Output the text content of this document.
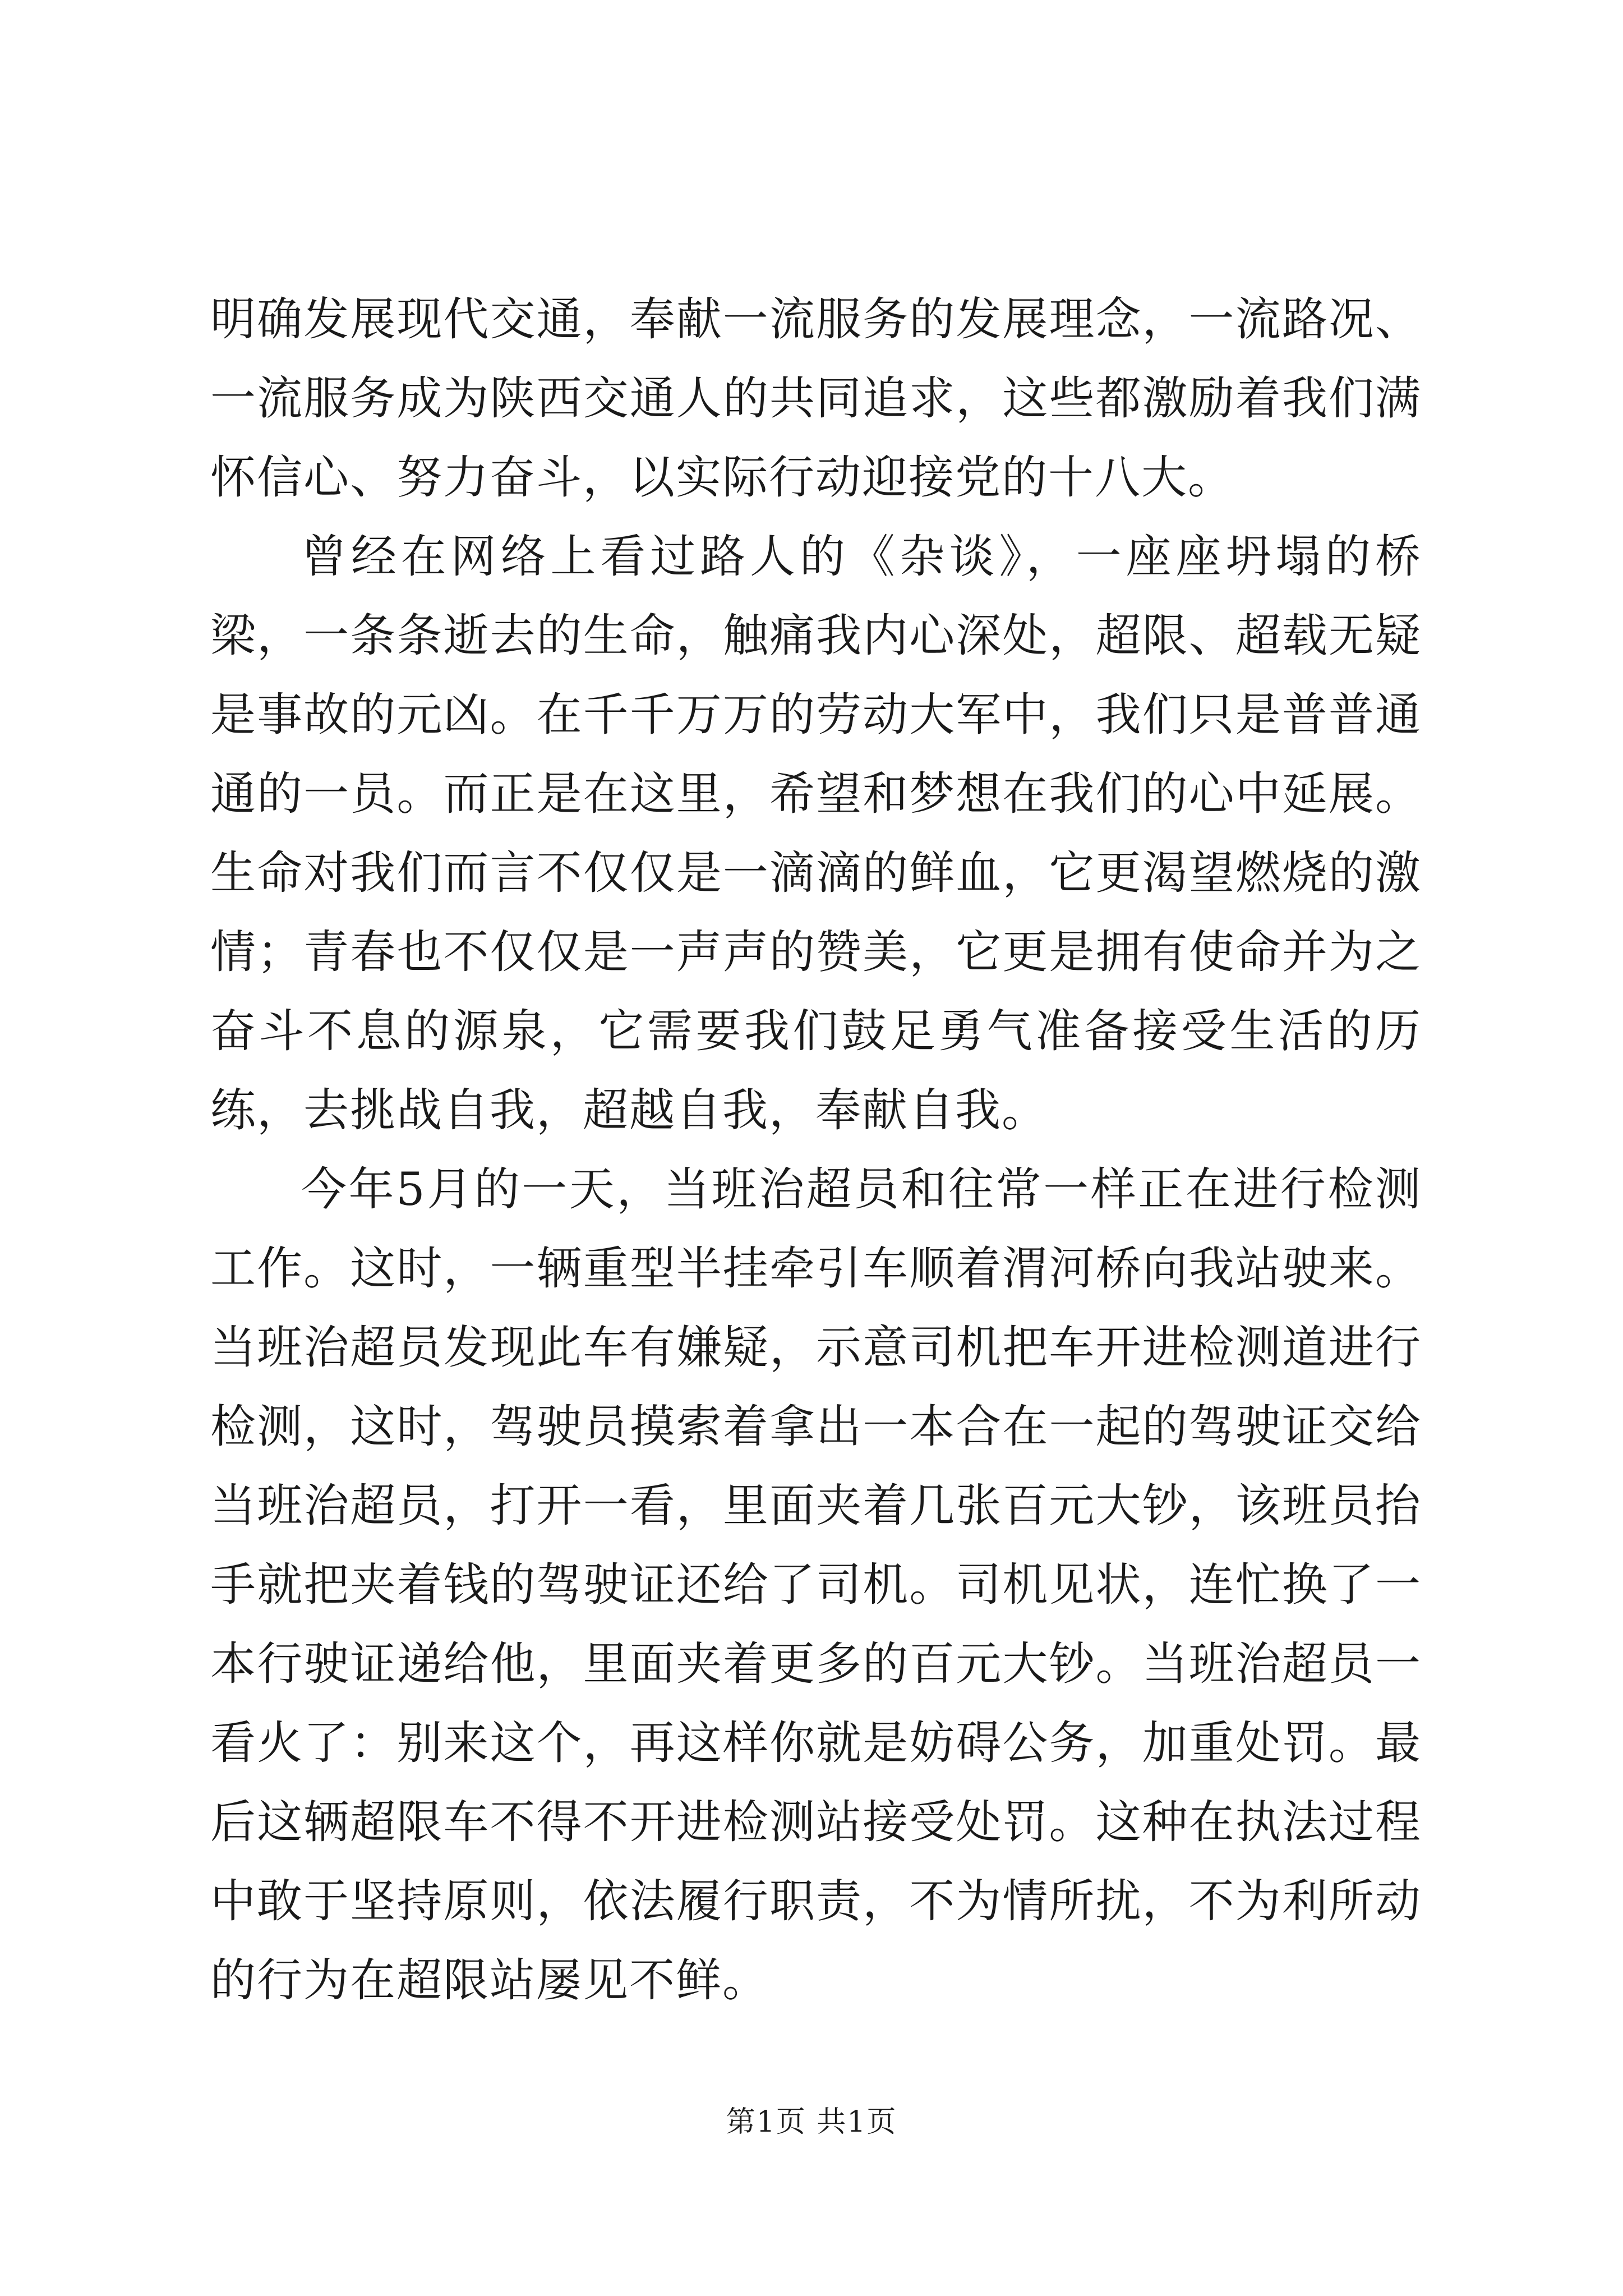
明确发展现代交通，奉献一流服务的发展理念，一流路况、一流服务成为陕西交通人的共同追求，这些都激励着我们满怀信心、努力奋斗，以实际行动迎接党的十八大。

曾经在网络上看过路人的《杂谈》，一座座坍塌的桥梁，一条条逝去的生命，触痛我内心深处，超限、超载无疑是事故的元凶。在千千万万的劳动大军中，我们只是普普通通的一员。而正是在这里，希望和梦想在我们的心中延展。生命对我们而言不仅仅是一滴滴的鲜血，它更渴望燃烧的激情；青春也不仅仅是一声声的赞美，它更是拥有使命并为之奋斗不息的源泉，它需要我们鼓足勇气准备接受生活的历练，去挑战自我，超越自我，奉献自我。

今年5月的一天，当班治超员和往常一样正在进行检测工作。这时，一辆重型半挂牵引车顺着渭河桥向我站驶来。当班治超员发现此车有嫌疑，示意司机把车开进检测道进行检测，这时，驾驶员摸索着拿出一本合在一起的驾驶证交给当班治超员，打开一看，里面夹着几张百元大钞，该班员抬手就把夹着钱的驾驶证还给了司机。司机见状，连忙换了一本行驶证递给他，里面夹着更多的百元大钞。当班治超员一看火了：别来这个，再这样你就是妨碍公务，加重处罚。最后这辆超限车不得不开进检测站接受处罚。这种在执法过程中敢于坚持原则，依法履行职责，不为情所扰，不为利所动的行为在超限站屡见不鲜。

第1页 共1页
